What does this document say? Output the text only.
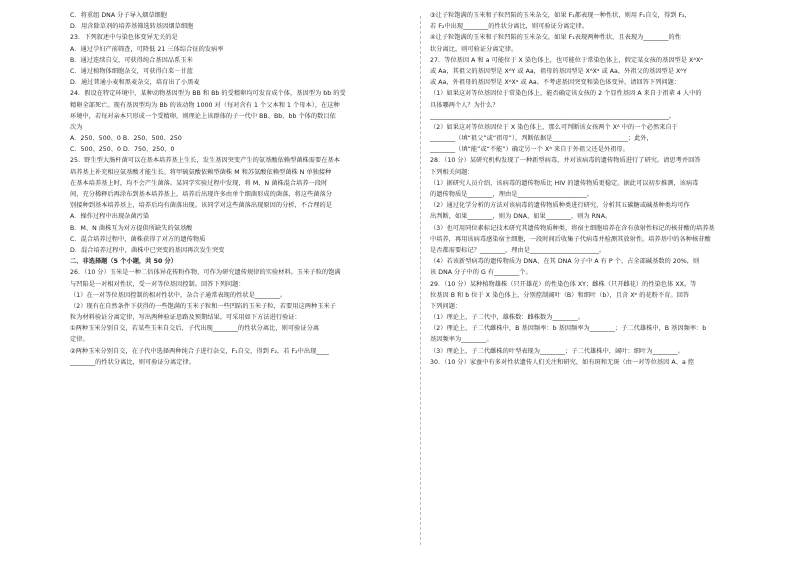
C．将重组 DNA 分子导入烟草细胞
D．用含除草剂的培养基筛选转基因烟草细胞
23．下列叙述中与染色体变异无关的是
A．通过孕妇产前筛查，可降低 21 三体综合征的发病率
B．通过连续自交，可获得纯合基因品系玉米
C．通过植物体细胞杂交，可获得白菜－甘蓝
D．通过普通小麦和黑麦杂交，培育出了小黑麦
24．假设在特定环境中，某种动物基因型为 BB 和 Bb 的受精卵均可发育成个体，基因型为 bb 的受
精卵全部死亡。现有基因型均为 Bb 的该动物 1000 对（每对含有 1 个父本和 1 个母本），在这种
环境中，若每对亲本只形成一个受精卵，则理论上该群体的子一代中 BB、Bb、bb 个体的数目依
次为
A．250、500、0 B．250、500、250
C．500、250、0 D．750、250、0
25．野生型大肠杆菌可以在基本培养基上生长，发生基因突变产生的氨基酸依赖型菌株需要在基本
培养基上补充相应氨基酸才能生长。将甲硫氨酸依赖型菌株 M 和苏氨酸依赖型菌株 N 单独接种
在基本培养基上时，均不会产生菌落。某同学实验过程中发现，将 M、N 菌株混合培养一段时
间，充分稀释后再涂布到基本培养基上，培养后出现许多由单个细菌形成的菌落，将这些菌落分
别接种到基本培养基上，培养后均有菌落出现。该同学对这些菌落出现原因的分析，不合理的是
A．操作过程中出现杂菌污染
B．M、N 菌株互为对方提供所缺失的氨基酸
C．混合培养过程中，菌株获得了对方的遗传物质
D．混合培养过程中，菌株中已突变的基因再次发生突变
二、非选择题（5 个小题，共 50 分）
26．（10 分）玉米是一种二倍体异花传粉作物，可作为研究遗传规律的实验材料。玉米子粒的饱满
与凹陷是一对相对性状，受一对等位基因控制。回答下列问题：
（1）在一对等位基因控制的相对性状中，杂合子通常表现的性状是________。
（2）现有在自然条件下获得的一些饱满的玉米子粒和一些凹陷的玉米子粒，若要用这两种玉米子
粒为材料验证分离定律，写出两种验证思路及预期结果。可采用如下方法进行验证：
①两种玉米分别自交，若某些玉米自交后，子代出现________的性状分离比，则可验证分离
定律。
②两种玉米分别自交，在子代中选择两种纯合子进行杂交，F₁自交，得到 F₂，若 F₂中出现____
________的性状分离比，则可验证分离定律。
③让子粒饱满的玉米和子粒凹陷的玉米杂交，如果 F₁都表现一种性状，则用 F₁自交，得到 F₂，
若 F₂中出现________的性状分离比，则可验证分离定律。
④让子粒饱满的玉米和子粒凹陷的玉米杂交，如果 F₁表现两种性状，且表现为________的性
状分离比，则可验证分离定律。
27．等位基因 A 和 a 可能位于 X 染色体上，也可能位于常染色体上，假定某女孩的基因型是 XᴬXᵃ
或 Aa，其祖父的基因型是 XᴬY 或 Aa，祖母的基因型是 XᴬXᵃ 或 Aa，外祖父的基因型是 XᴬY
或 Aa，外祖母的基因型是 XᴬXᵃ 或 Aa。不考虑基因突变和染色体变异，请回答下列问题：
（1）如果这对等位基因位于常染色体上，能否确定该女孩的 2 个显性基因 A 来自于祖辈 4 人中的
具体哪两个人？为什么？
____________________________________________________________________________。
（2）如果这对等位基因位于 X 染色体上，那么可判断该女孩两个 Xᴬ 中的一个必然来自于
________（填“祖父”或“祖母”），判断依据是________________________；此外，
________（填“能”或“不能”）确定另一个 Xᴬ 来自于外祖父还是外祖母。
28．（10 分）某研究机构发现了一种新型病毒，并对该病毒的遗传物质进行了研究。请思考并回答
下列相关问题：
（1）据研究人员介绍，该病毒的遗传物质比 HIV 的遗传物质更稳定。据此可以初步推测，该病毒
的遗传物质是________，理由是______________________。
（2）通过化学分析的方法对该病毒的遗传物质种类进行研究，分析其五碳糖或碱基种类均可作
出判断，如果________，则为 DNA，如果________，则为 RNA。
（3）也可用同位素标记技术研究其遗传物质种类，将宿主细胞培养在含有放射性标记的核苷酸的培养基
中培养，再用该病毒感染宿主细胞，一段时间后收集子代病毒并检测其放射性。培养基中的各种核苷酸
是否都需要标记？________，理由是______________________。
（4）若该新型病毒的遗传物质为 DNA，在其 DNA 分子中 A 有 P 个，占全部碱基数的 20%，则
该 DNA 分子中的 G 有________个。
29．（10 分）某种植物雄株（只开雄花）的性染色体 XY；雌株（只开雌花）的性染色体 XX。等
位基因 B 和 b 位于 X 染色体上，分别控制阔叶（B）和细叶（b），且含 Xᵇ 的花粉不育。回答
下列问题：
（1）理论上，子二代中，雄株数：雌株数为________。
（2）理论上，子二代雌株中，B 基因频率：b 基因频率为________；子二代雄株中，B 基因频率：b
基因频率为________。
（3）理论上，子二代雌株的叶型表现为________；子二代雄株中，阔叶：细叶为________。
30．（10 分）家蚕中有多对性状遗传人们关注和研究，如有斑和无斑（由一对等位基因 A、a 控
